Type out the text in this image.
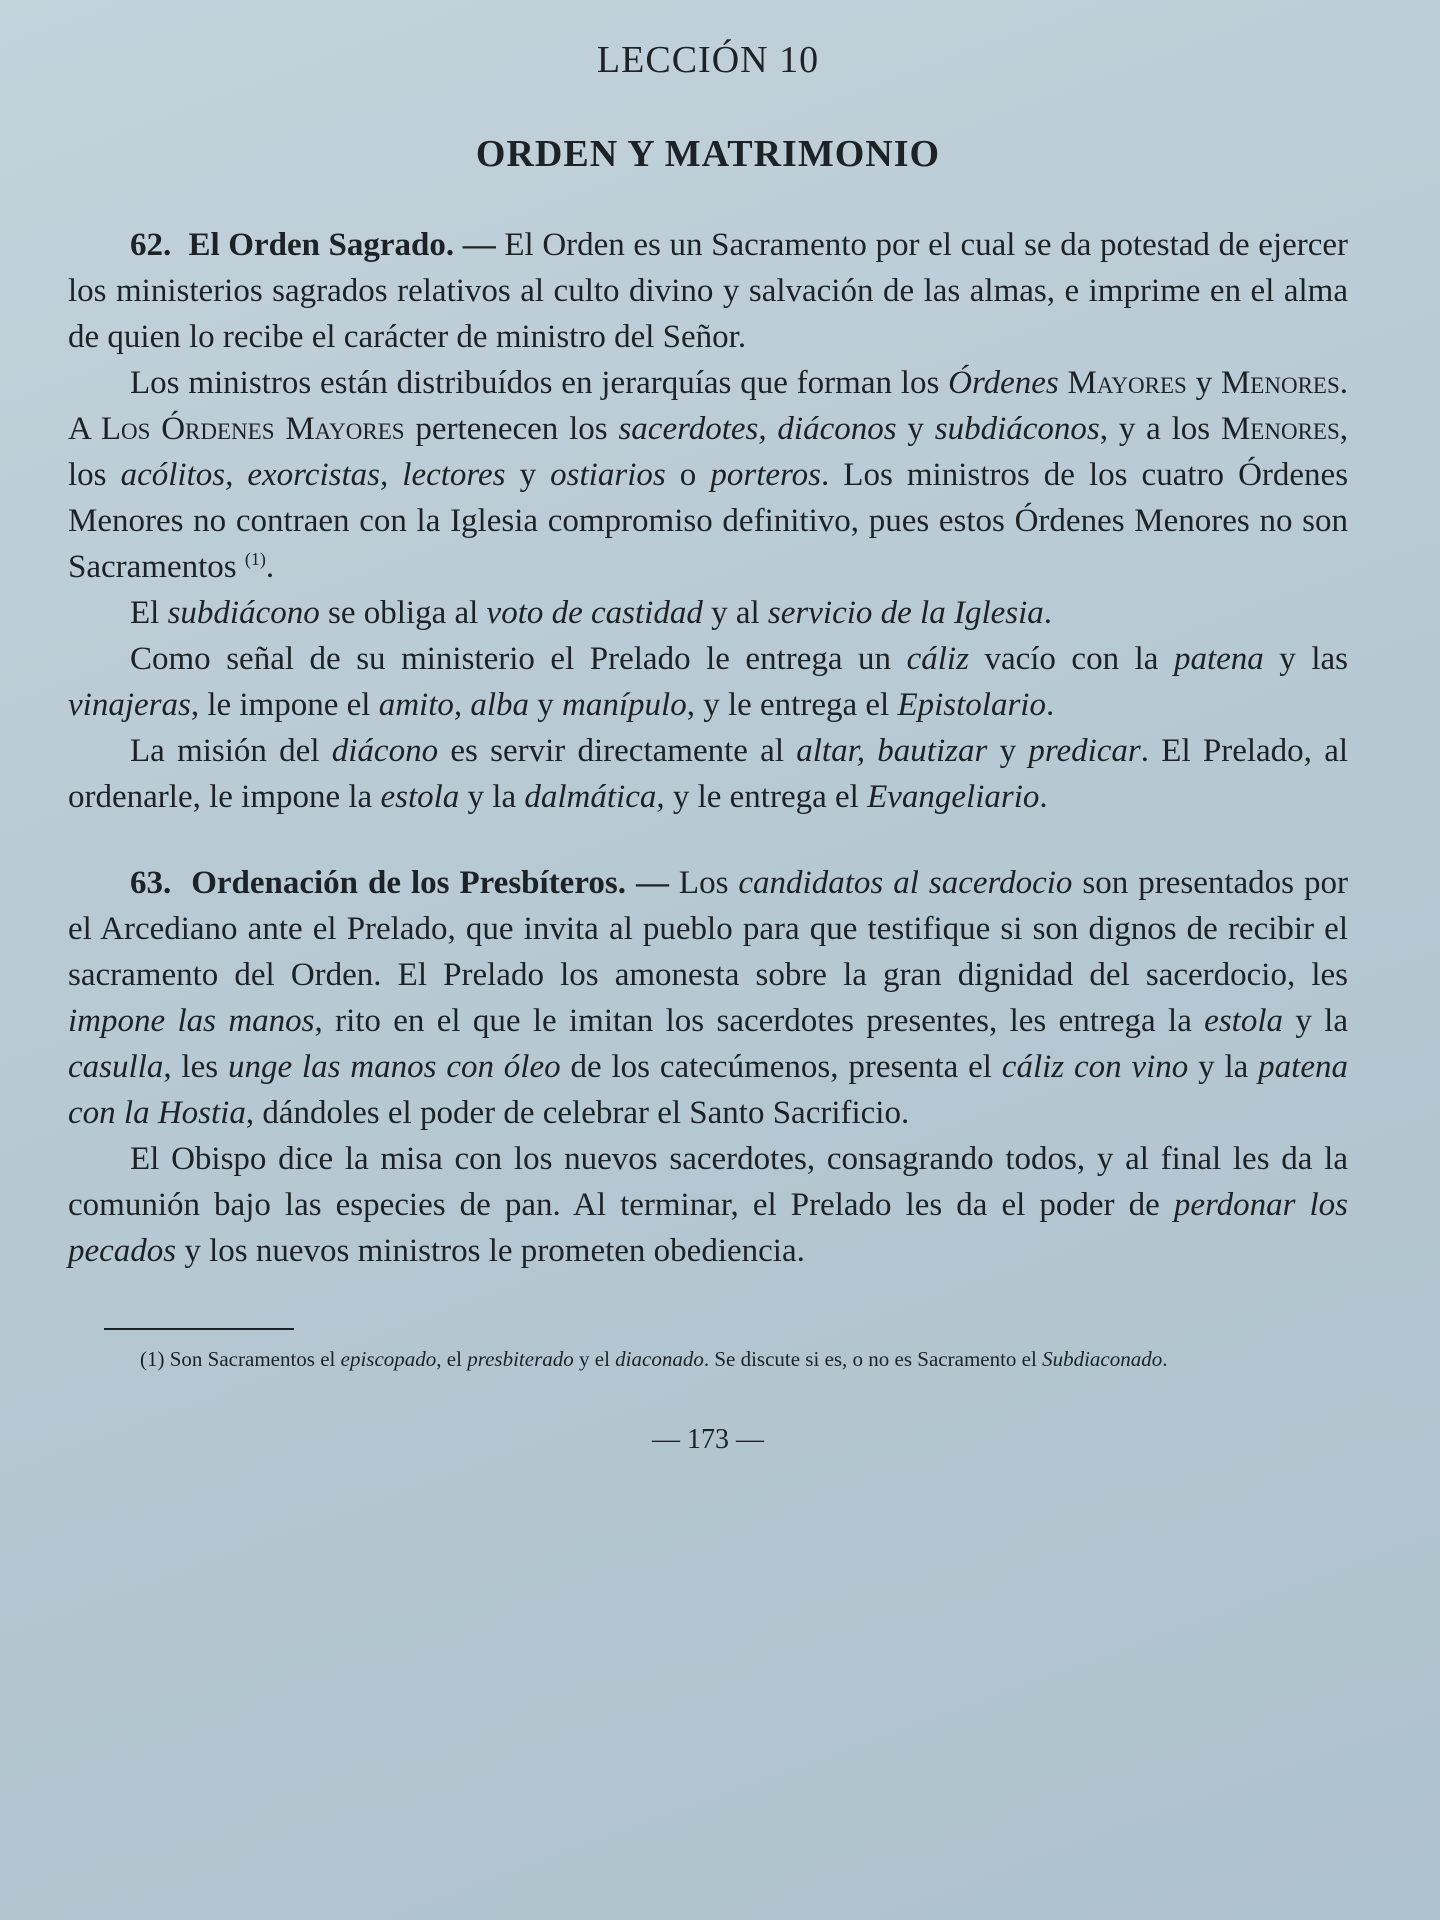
LECCIÓN 10
ORDEN Y MATRIMONIO

62. El Orden Sagrado. — El Orden es un Sacramento por el cual se da potestad de ejercer los ministerios sagrados relativos al culto divino y salvación de las almas, e imprime en el alma de quien lo recibe el carácter de ministro del Señor.

Los ministros están distribuídos en jerarquías que forman los Órdenes Mayores y Menores. A Los Órdenes Mayores pertenecen los sacerdotes, diáconos y subdiáconos, y a los Menores, los acólitos, exorcistas, lectores y ostiarios o porteros. Los ministros de los cuatro Órdenes Menores no contraen con la Iglesia compromiso definitivo, pues estos Órdenes Menores no son Sacramentos $^{(1)}$.

El subdiácono se obliga al voto de castidad y al servicio de la Iglesia.

Como señal de su ministerio el Prelado le entrega un cáliz vacío con la patena y las vinajeras, le impone el amito, alba y manípulo, y le entrega el Epistolario.

La misión del diácono es servir directamente al altar, bautizar y predicar. El Prelado, al ordenarle, le impone la estola y la dalmática, y le entrega el Evangeliario.

63. Ordenación de los Presbíteros. — Los candidatos al sacerdocio son presentados por el Arcediano ante el Prelado, que invita al pueblo para que testifique si son dignos de recibir el sacramento del Orden. El Prelado los amonesta sobre la gran dignidad del sacerdocio, les impone las manos, rito en el que le imitan los sacerdotes presentes, les entrega la estola y la casulla, les unge las manos con óleo de los catecúmenos, presenta el cáliz con vino y la patena con la Hostia, dándoles el poder de celebrar el Santo Sacrificio.

El Obispo dice la misa con los nuevos sacerdotes, consagrando todos, y al final les da la comunión bajo las especies de pan. Al terminar, el Prelado les da el poder de perdonar los pecados y los nuevos ministros le prometen obediencia.

(1) Son Sacramentos el episcopado, el presbiterado y el diaconado. Se discute si es, o no es Sacramento el Subdiaconado.

— 173 —
